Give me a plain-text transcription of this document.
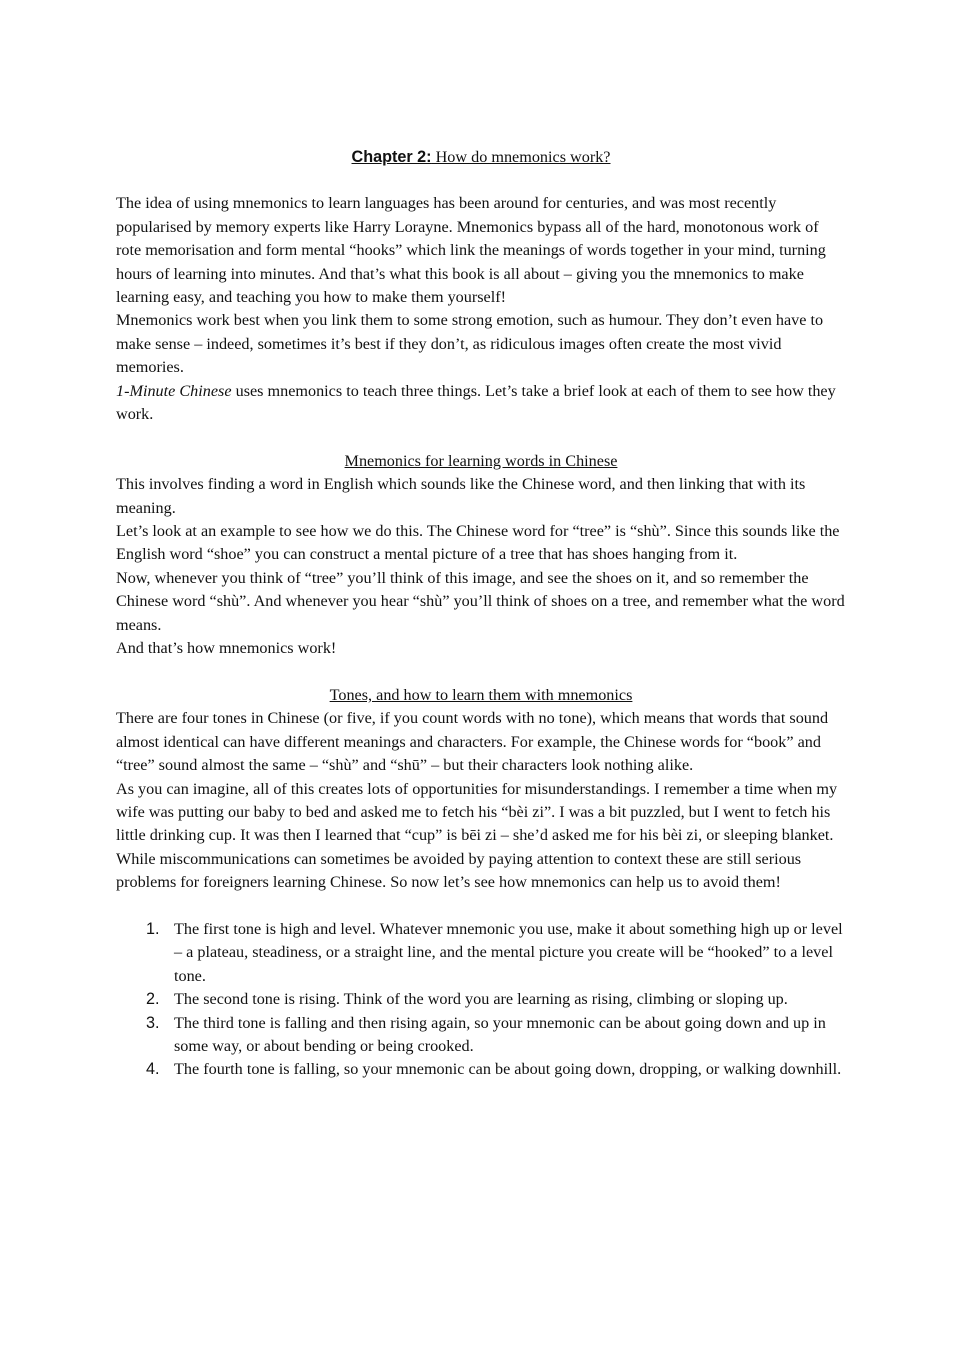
Chapter 2: How do mnemonics work?

The idea of using mnemonics to learn languages has been around for centuries, and was most recently popularised by memory experts like Harry Lorayne. Mnemonics bypass all of the hard, monotonous work of rote memorisation and form mental “hooks” which link the meanings of words together in your mind, turning hours of learning into minutes. And that’s what this book is all about – giving you the mnemonics to make learning easy, and teaching you how to make them yourself!

Mnemonics work best when you link them to some strong emotion, such as humour. They don’t even have to make sense – indeed, sometimes it’s best if they don’t, as ridiculous images often create the most vivid memories.

1-Minute Chinese uses mnemonics to teach three things. Let’s take a brief look at each of them to see how they work.

Mnemonics for learning words in Chinese

This involves finding a word in English which sounds like the Chinese word, and then linking that with its meaning.

Let’s look at an example to see how we do this. The Chinese word for “tree” is “shù”. Since this sounds like the English word “shoe” you can construct a mental picture of a tree that has shoes hanging from it.

Now, whenever you think of “tree” you’ll think of this image, and see the shoes on it, and so remember the Chinese word “shù”. And whenever you hear “shù” you’ll think of shoes on a tree, and remember what the word means.

And that’s how mnemonics work!

Tones, and how to learn them with mnemonics

There are four tones in Chinese (or five, if you count words with no tone), which means that words that sound almost identical can have different meanings and characters. For example, the Chinese words for “book” and “tree” sound almost the same – “shù” and “shū” – but their characters look nothing alike.

As you can imagine, all of this creates lots of opportunities for misunderstandings. I remember a time when my wife was putting our baby to bed and asked me to fetch his “bèi zi”. I was a bit puzzled, but I went to fetch his little drinking cup. It was then I learned that “cup” is bēi zi – she’d asked me for his bèi zi, or sleeping blanket.

While miscommunications can sometimes be avoided by paying attention to context these are still serious problems for foreigners learning Chinese. So now let’s see how mnemonics can help us to avoid them!

1. The first tone is high and level. Whatever mnemonic you use, make it about something high up or level – a plateau, steadiness, or a straight line, and the mental picture you create will be “hooked” to a level tone.
2. The second tone is rising. Think of the word you are learning as rising, climbing or sloping up.
3. The third tone is falling and then rising again, so your mnemonic can be about going down and up in some way, or about bending or being crooked.
4. The fourth tone is falling, so your mnemonic can be about going down, dropping, or walking downhill.
